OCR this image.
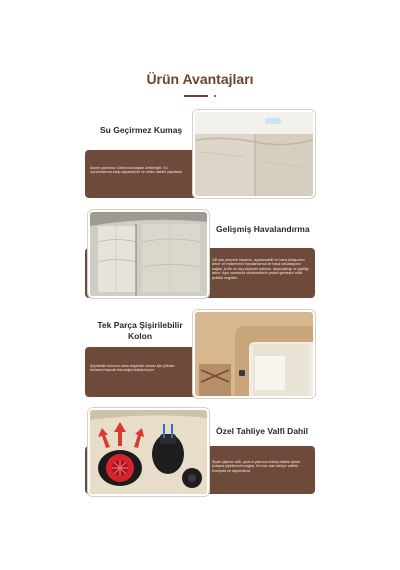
Ürün Avantajları
Su Geçirmez Kumaş
Şişme çadırımız Oxford kumaştan üretilmiştir. Su sıçramalarına karşı dayanıklıdır ve nefes alabilir yapıdadır.
Gelişmiş Havalandırma
Çift yan pencere tasarımı, ayarlanabilir ve hava dolaşımını artırır ve mükemmel havalandırma ile hava sirkülasyonu sağlar. İç file ve dış polyester katman, dayanıklılığı ve gizliliği artırır. Aynı zamanda sivrisineklerin çadıra girmesini etkili şekilde engeller.
Tek Parça Şişirilebilir Kolon
Şişirilebilir kolonun daha dayanıklı olması için yüksek frekanslı kaynak teknolojisi kullanılmıştır.
Özel Tahliye Valfi Dahil
Siyah şişirme valfi, çadırın yalnızca birkaç dakika içinde kolayca şişirilmesini sağlar. Kırmızı olan tahliye valfidir. Kompakt ve dayanıklıdır.
